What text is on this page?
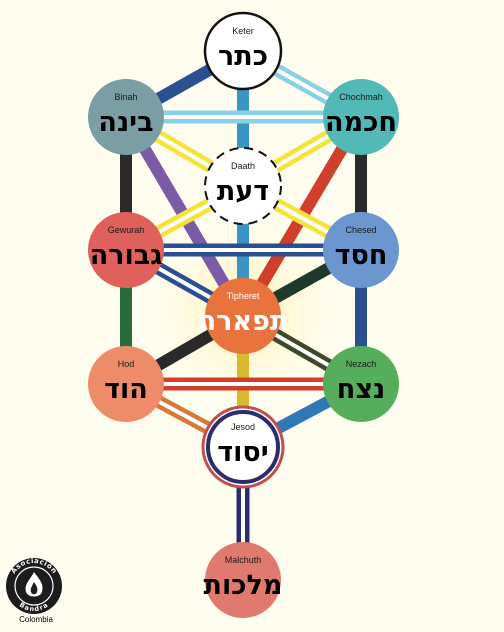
Keter
כתר
Binah
בינה
Chochmah
חכמה
Daath
דעת
Gewurah
גבורה
Chesed
חסד
Tipheret
תפארת
Hod
הוד
Nezach
נצח
Jesod
יסוד
Malchuth
מלכות
Asociación
Bandra
Colombia
